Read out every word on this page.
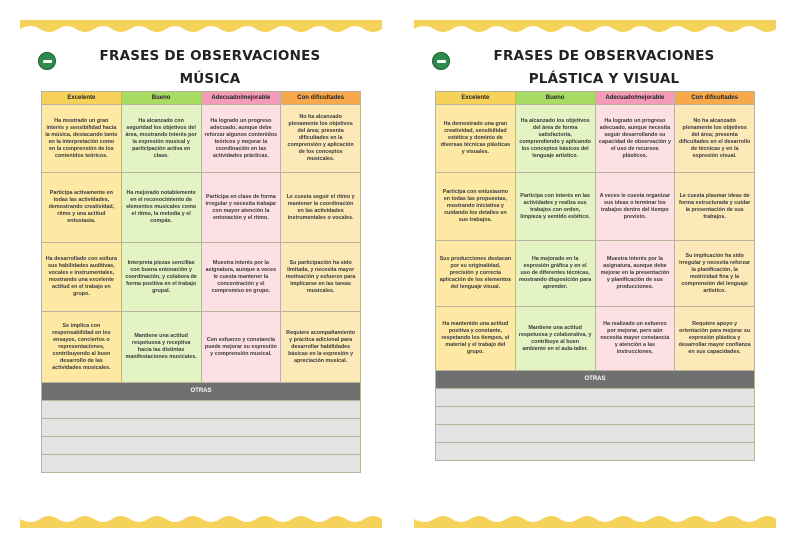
FRASES DE OBSERVACIONES
MÚSICA
Excelente	Bueno	Adecuado/mejorable	Con dificultades
Ha mostrado un gran interés y sensibilidad hacia la música, destacando tanto en la interpretación como en la comprensión de los contenidos teóricos.	Ha alcanzado con seguridad los objetivos del área, mostrando interés por la expresión musical y participación activa en clase.	Ha logrado un progreso adecuado, aunque debe reforzar algunos contenidos teóricos y mejorar la coordinación en las actividades prácticas.	No ha alcanzado plenamente los objetivos del área; presenta dificultades en la comprensión y aplicación de los conceptos musicales.
Participa activamente en todas las actividades, demostrando creatividad, ritmo y una actitud entusiasta.	Ha mejorado notablemente en el reconocimiento de elementos musicales como el ritmo, la melodía y el compás.	Participa en clase de forma irregular y necesita trabajar con mayor atención la entonación y el ritmo.	Le cuesta seguir el ritmo y mantener la coordinación en las actividades instrumentales o vocales.
Ha desarrollado con soltura sus habilidades auditivas, vocales e instrumentales, mostrando una excelente actitud en el trabajo en grupo.	Interpreta piezas sencillas con buena entonación y coordinación, y colabora de forma positiva en el trabajo grupal.	Muestra interés por la asignatura, aunque a veces le cuesta mantener la concentración y el compromiso en grupo.	Su participación ha sido limitada, y necesita mayor motivación y esfuerzo para implicarse en las tareas musicales.
Se implica con responsabilidad en los ensayos, conciertos o representaciones, contribuyendo al buen desarrollo de las actividades musicales.	Mantiene una actitud respetuosa y receptiva hacia las distintas manifestaciones musicales.	Con esfuerzo y constancia puede mejorar su expresión y comprensión musical.	Requiere acompañamiento y práctica adicional para desarrollar habilidades básicas en la expresión y apreciación musical.
OTRAS			

FRASES DE OBSERVACIONES
PLÁSTICA Y VISUAL
Excelente	Bueno	Adecuado/mejorable	Con dificultades
Ha demostrado una gran creatividad, sensibilidad estética y dominio de diversas técnicas plásticas y visuales.	Ha alcanzado los objetivos del área de forma satisfactoria, comprendiendo y aplicando los conceptos básicos del lenguaje artístico.	Ha logrado un progreso adecuado, aunque necesita seguir desarrollando su capacidad de observación y el uso de recursos plásticos.	No ha alcanzado plenamente los objetivos del área; presenta dificultades en el desarrollo de técnicas y en la expresión visual.
Participa con entusiasmo en todas las propuestas, mostrando iniciativa y cuidando los detalles en sus trabajos.	Participa con interés en las actividades y realiza sus trabajos con orden, limpieza y sentido estético.	A veces le cuesta organizar sus ideas o terminar los trabajos dentro del tiempo previsto.	Le cuesta plasmar ideas de forma estructurada y cuidar la presentación de sus trabajos.
Sus producciones destacan por su originalidad, precisión y correcta aplicación de los elementos del lenguaje visual.	Ha mejorado en la expresión gráfica y en el uso de diferentes técnicas, mostrando disposición para aprender.	Muestra interés por la asignatura, aunque debe mejorar en la presentación y planificación de sus producciones.	Su implicación ha sido irregular y necesita reforzar la planificación, la motricidad fina y la comprensión del lenguaje artístico.
Ha mantenido una actitud positiva y constante, respetando los tiempos, el material y el trabajo del grupo.	Mantiene una actitud respetuosa y colaborativa, y contribuye al buen ambiente en el aula-taller.	Ha realizado un esfuerzo por mejorar, pero aún necesita mayor constancia y atención a las instrucciones.	Requiere apoyo y orientación para mejorar su expresión plástica y desarrollar mayor confianza en sus capacidades.
OTRAS			
